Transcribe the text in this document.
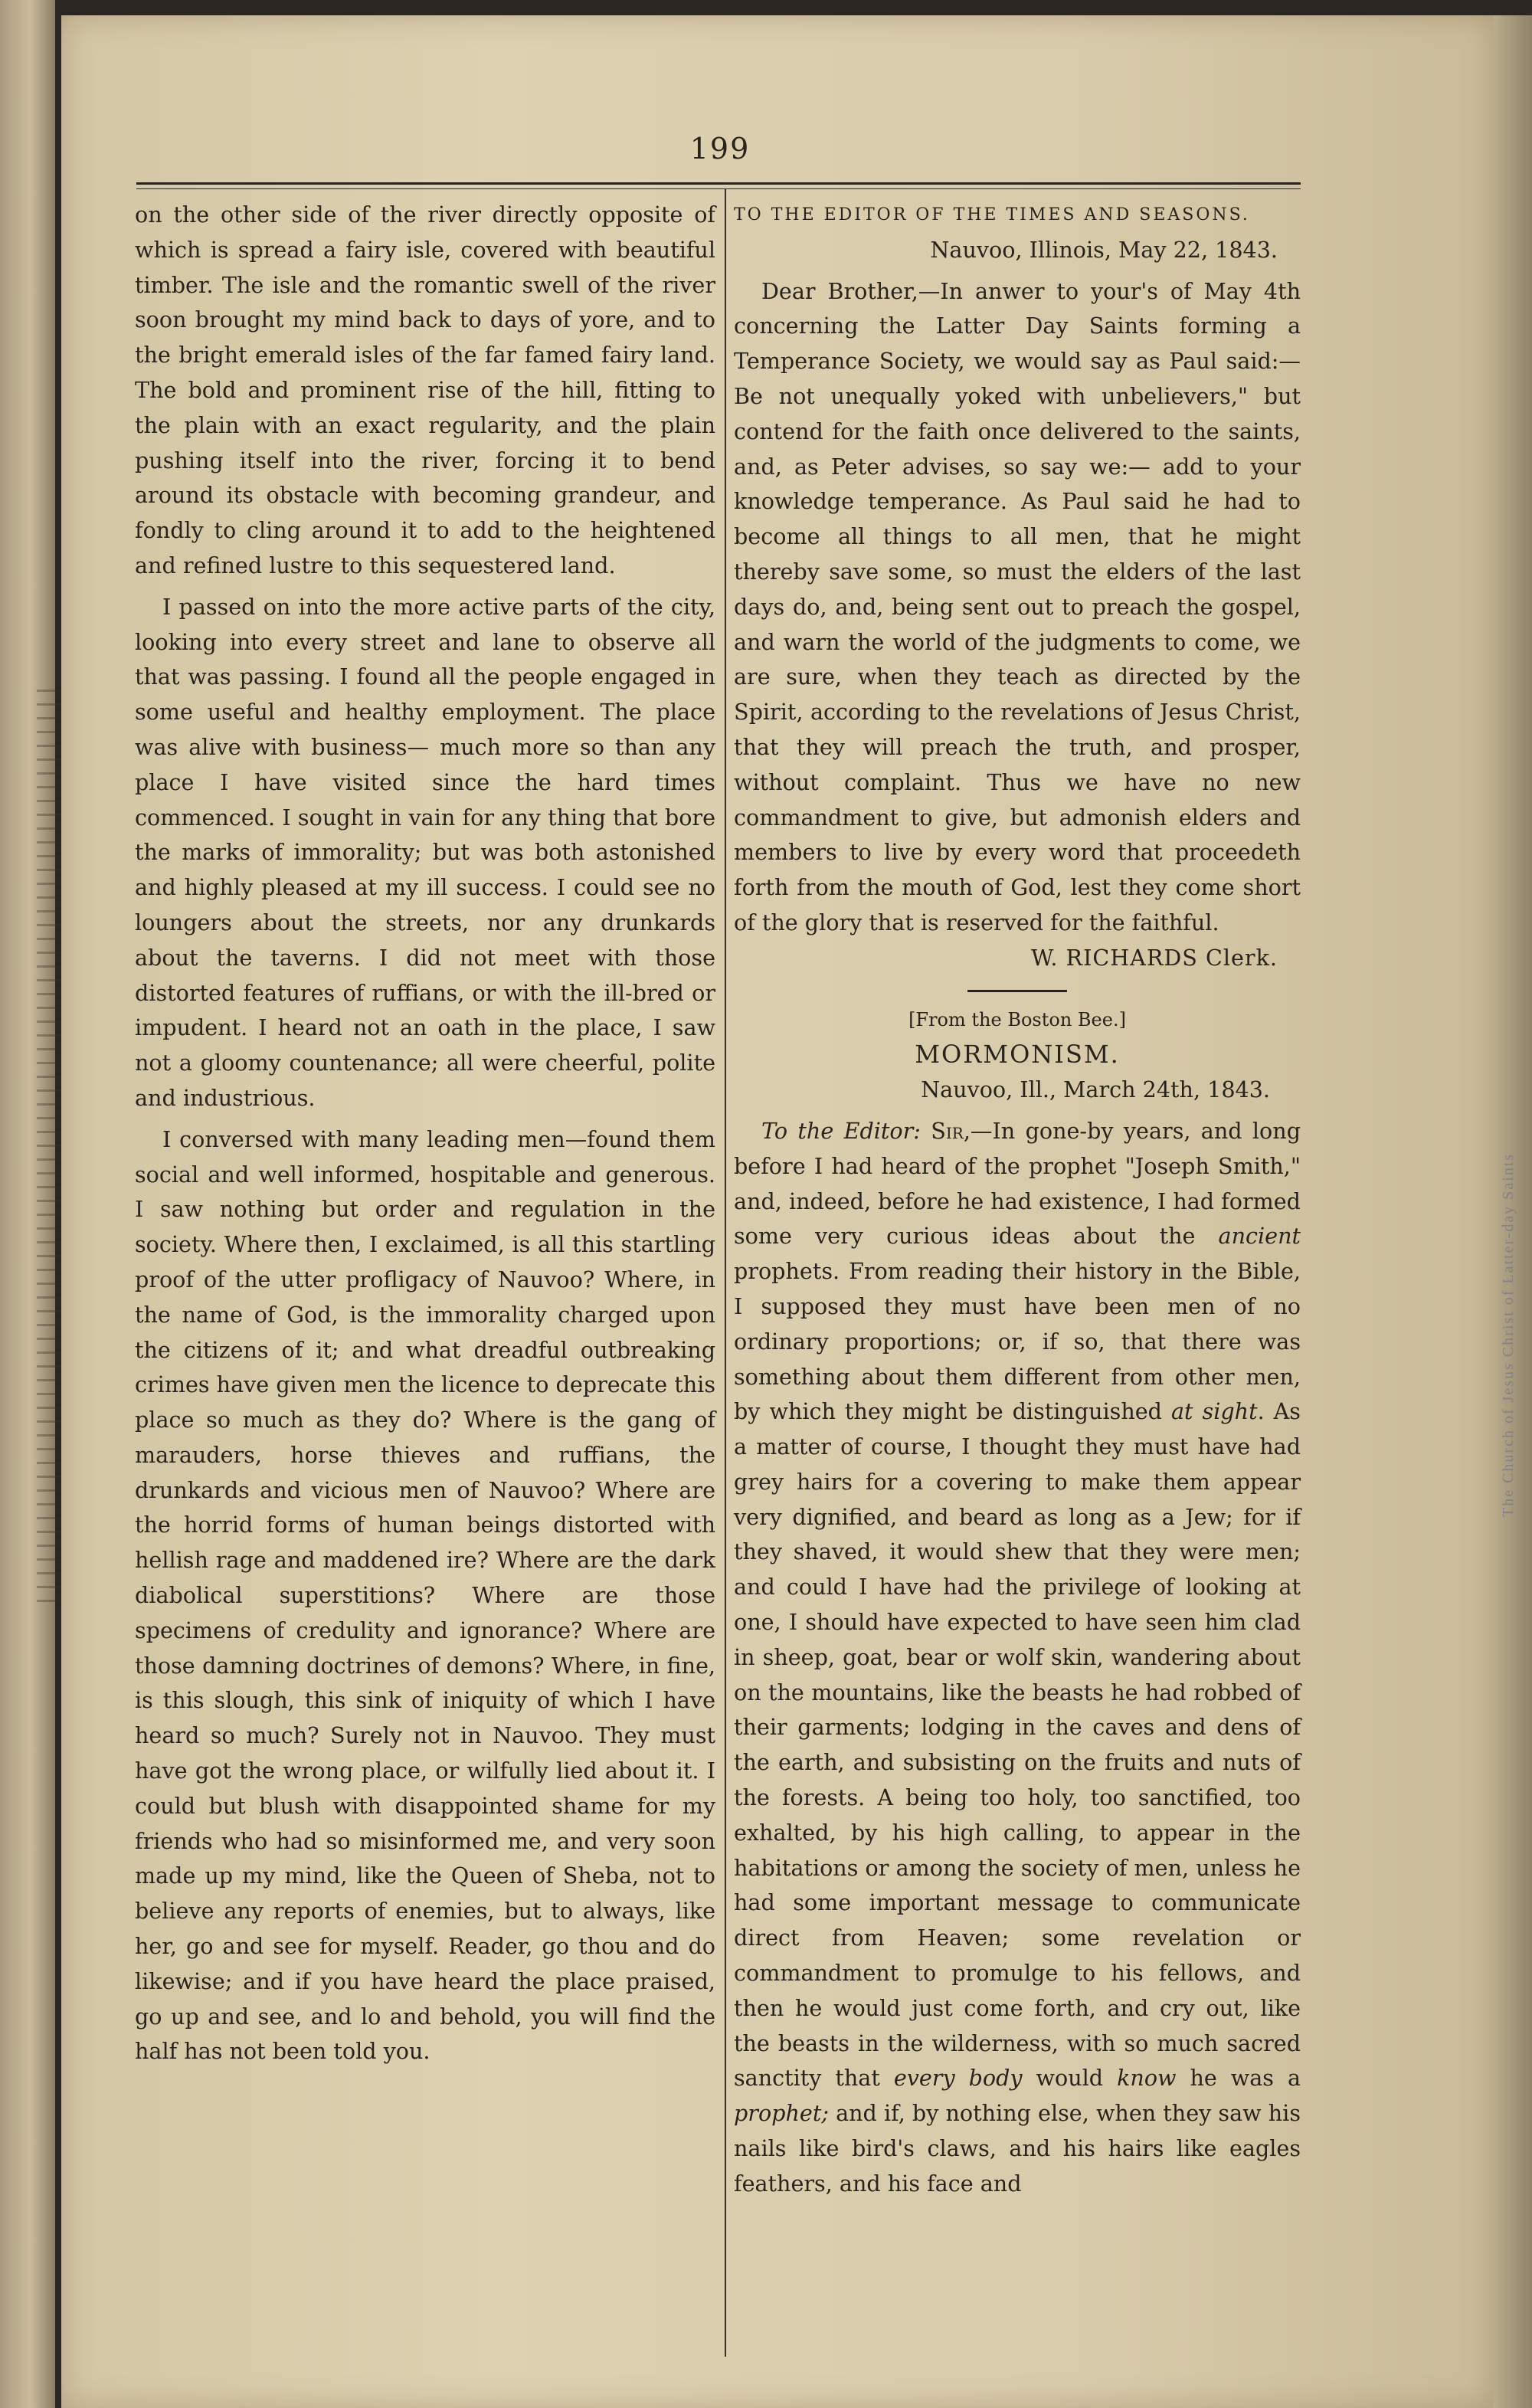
The Church of Jesus Christ of Latter-day Saints
199

on the other side of the river directly opposite of which is spread a fairy isle, covered with beautiful timber. The isle and the romantic swell of the river soon brought my mind back to days of yore, and to the bright emerald isles of the far famed fairy land. The bold and prominent rise of the hill, fitting to the plain with an exact regularity, and the plain pushing itself into the river, forcing it to bend around its obstacle with becoming grandeur, and fondly to cling around it to add to the heightened and refined lustre to this sequestered land.

I passed on into the more active parts of the city, looking into every street and lane to observe all that was passing. I found all the people engaged in some useful and healthy employment. The place was alive with business— much more so than any place I have visited since the hard times commenced. I sought in vain for any thing that bore the marks of immorality; but was both astonished and highly pleased at my ill success. I could see no loungers about the streets, nor any drunkards about the taverns. I did not meet with those distorted features of ruffians, or with the ill-bred or impudent. I heard not an oath in the place, I saw not a gloomy countenance; all were cheerful, polite and industrious.

I conversed with many leading men—found them social and well informed, hospitable and generous. I saw nothing but order and regulation in the society. Where then, I exclaimed, is all this startling proof of the utter profligacy of Nauvoo? Where, in the name of God, is the immorality charged upon the citizens of it; and what dreadful outbreaking crimes have given men the licence to deprecate this place so much as they do? Where is the gang of marauders, horse thieves and ruffians, the drunkards and vicious men of Nauvoo? Where are the horrid forms of human beings distorted with hellish rage and maddened ire? Where are the dark diabolical superstitions? Where are those specimens of credulity and ignorance? Where are those damning doctrines of demons? Where, in fine, is this slough, this sink of iniquity of which I have heard so much? Surely not in Nauvoo. They must have got the wrong place, or wilfully lied about it. I could but blush with disappointed shame for my friends who had so misinformed me, and very soon made up my mind, like the Queen of Sheba, not to believe any reports of enemies, but to always, like her, go and see for myself. Reader, go thou and do likewise; and if you have heard the place praised, go up and see, and lo and behold, you will find the half has not been told you.

TO THE EDITOR OF THE TIMES AND SEASONS.

Nauvoo, Illinois, May 22, 1843.

Dear Brother,—In anwer to your's of May 4th concerning the Latter Day Saints forming a Temperance Society, we would say as Paul said:—Be not unequally yoked with unbelievers," but contend for the faith once delivered to the saints, and, as Peter advises, so say we:— add to your knowledge temperance. As Paul said he had to become all things to all men, that he might thereby save some, so must the elders of the last days do, and, being sent out to preach the gospel, and warn the world of the judgments to come, we are sure, when they teach as directed by the Spirit, according to the revelations of Jesus Christ, that they will preach the truth, and prosper, without complaint. Thus we have no new commandment to give, but admonish elders and members to live by every word that proceedeth forth from the mouth of God, lest they come short of the glory that is reserved for the faithful.

W. RICHARDS Clerk.

[From the Boston Bee.]

MORMONISM.

Nauvoo, Ill., March 24th, 1843.

To the Editor: Sir,—In gone-by years, and long before I had heard of the prophet "Joseph Smith," and, indeed, before he had existence, I had formed some very curious ideas about the ancient prophets. From reading their history in the Bible, I supposed they must have been men of no ordinary proportions; or, if so, that there was something about them different from other men, by which they might be distinguished at sight. As a matter of course, I thought they must have had grey hairs for a covering to make them appear very dignified, and beard as long as a Jew; for if they shaved, it would shew that they were men; and could I have had the privilege of looking at one, I should have expected to have seen him clad in sheep, goat, bear or wolf skin, wandering about on the mountains, like the beasts he had robbed of their garments; lodging in the caves and dens of the earth, and subsisting on the fruits and nuts of the forests. A being too holy, too sanctified, too exhalted, by his high calling, to appear in the habitations or among the society of men, unless he had some important message to communicate direct from Heaven; some revelation or commandment to promulge to his fellows, and then he would just come forth, and cry out, like the beasts in the wilderness, with so much sacred sanctity that every body would know he was a prophet; and if, by nothing else, when they saw his nails like bird's claws, and his hairs like eagles feathers, and his face and
